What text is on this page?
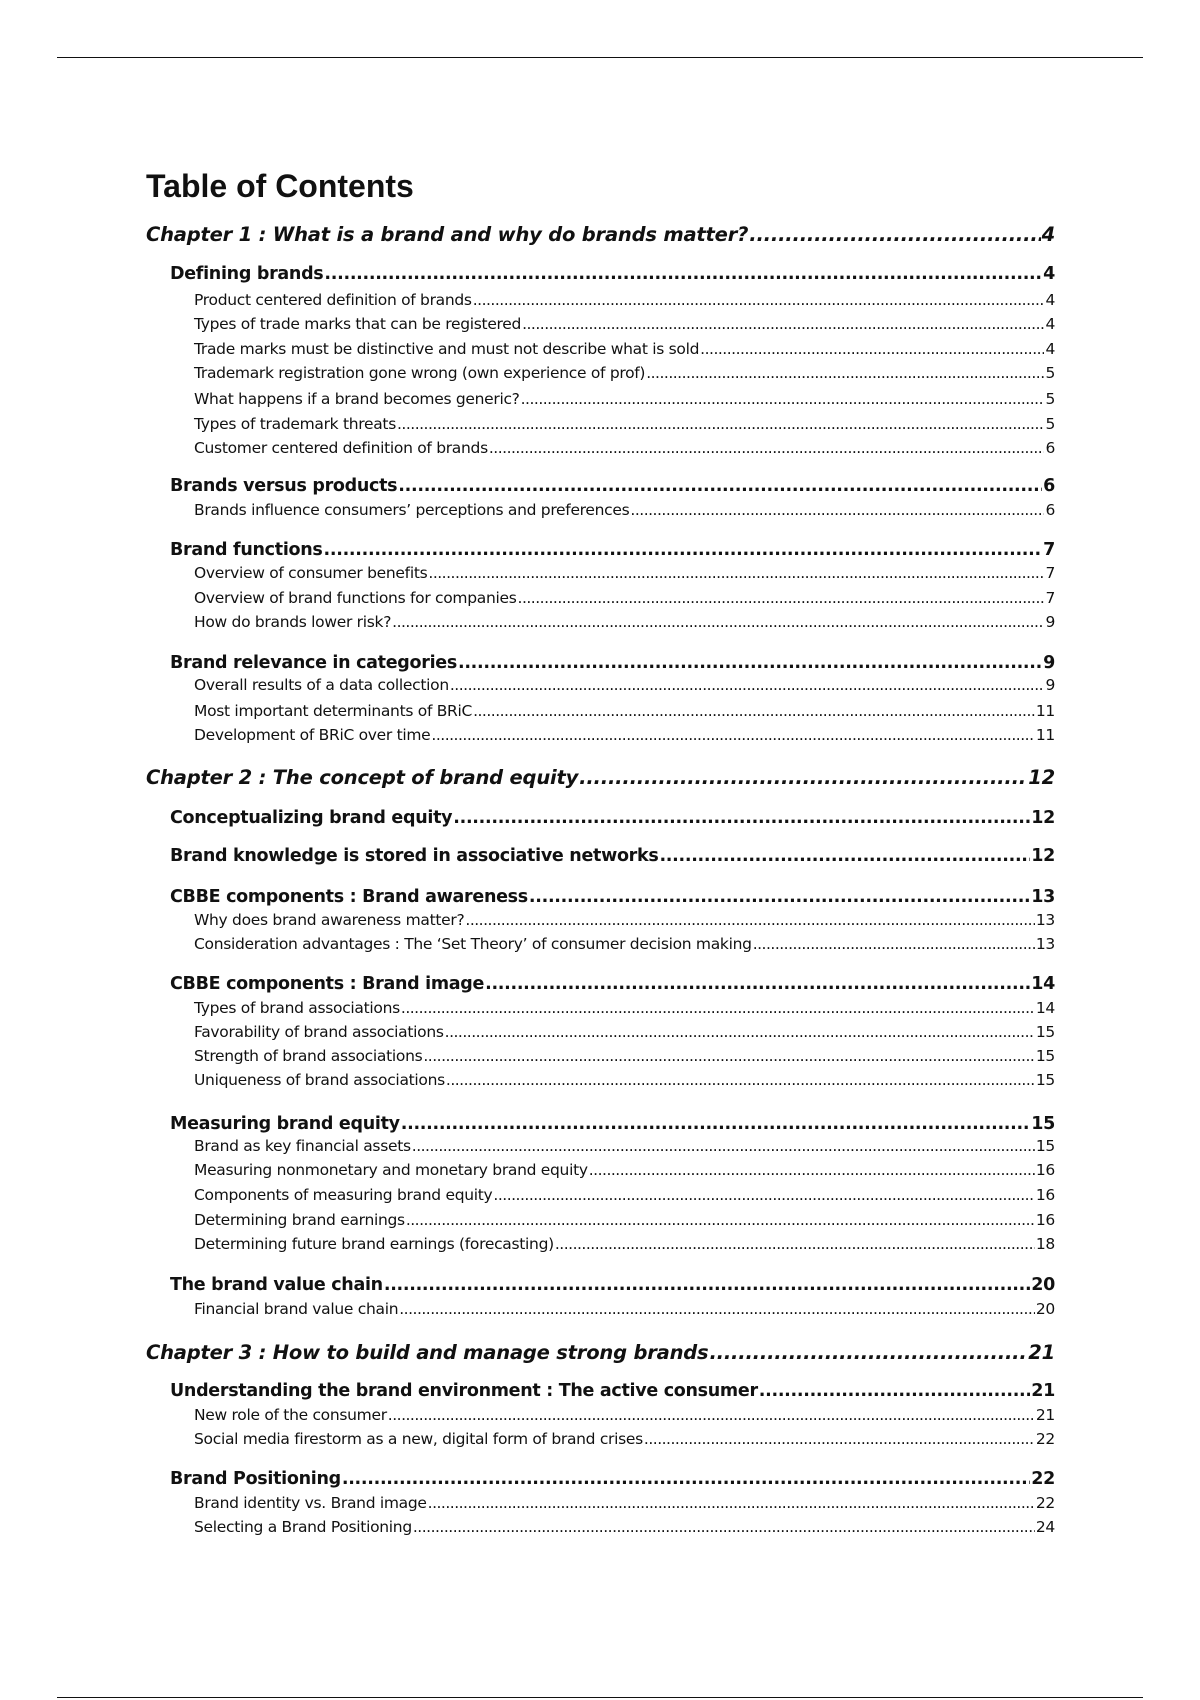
Table of Contents
Chapter 1 : What is a brand and why do brands matter? .....	4
Defining brands .....	4
Product centered definition of brands .....	4
Types of trade marks that can be registered .....	4
Trade marks must be distinctive and must not describe what is sold .....	4
Trademark registration gone wrong (own experience of prof) .....	5
What happens if a brand becomes generic? .....	5
Types of trademark threats .....	5
Customer centered definition of brands .....	6
Brands versus products .....	6
Brands influence consumers’ perceptions and preferences .....	6
Brand functions .....	7
Overview of consumer benefits .....	7
Overview of brand functions for companies .....	7
How do brands lower risk? .....	9
Brand relevance in categories .....	9
Overall results of a data collection .....	9
Most important determinants of BRiC .....	11
Development of BRiC over time .....	11
Chapter 2 : The concept of brand equity .....	12
Conceptualizing brand equity .....	12
Brand knowledge is stored in associative networks .....	12
CBBE components : Brand awareness .....	13
Why does brand awareness matter? .....	13
Consideration advantages : The ‘Set Theory’ of consumer decision making .....	13
CBBE components : Brand image .....	14
Types of brand associations .....	14
Favorability of brand associations .....	15
Strength of brand associations .....	15
Uniqueness of brand associations .....	15
Measuring brand equity .....	15
Brand as key financial assets .....	15
Measuring nonmonetary and monetary brand equity .....	16
Components of measuring brand equity .....	16
Determining brand earnings .....	16
Determining future brand earnings (forecasting) .....	18
The brand value chain .....	20
Financial brand value chain .....	20
Chapter 3 : How to build and manage strong brands .....	21
Understanding the brand environment : The active consumer .....	21
New role of the consumer .....	21
Social media firestorm as a new, digital form of brand crises .....	22
Brand Positioning .....	22
Brand identity vs. Brand image .....	22
Selecting a Brand Positioning .....	24
